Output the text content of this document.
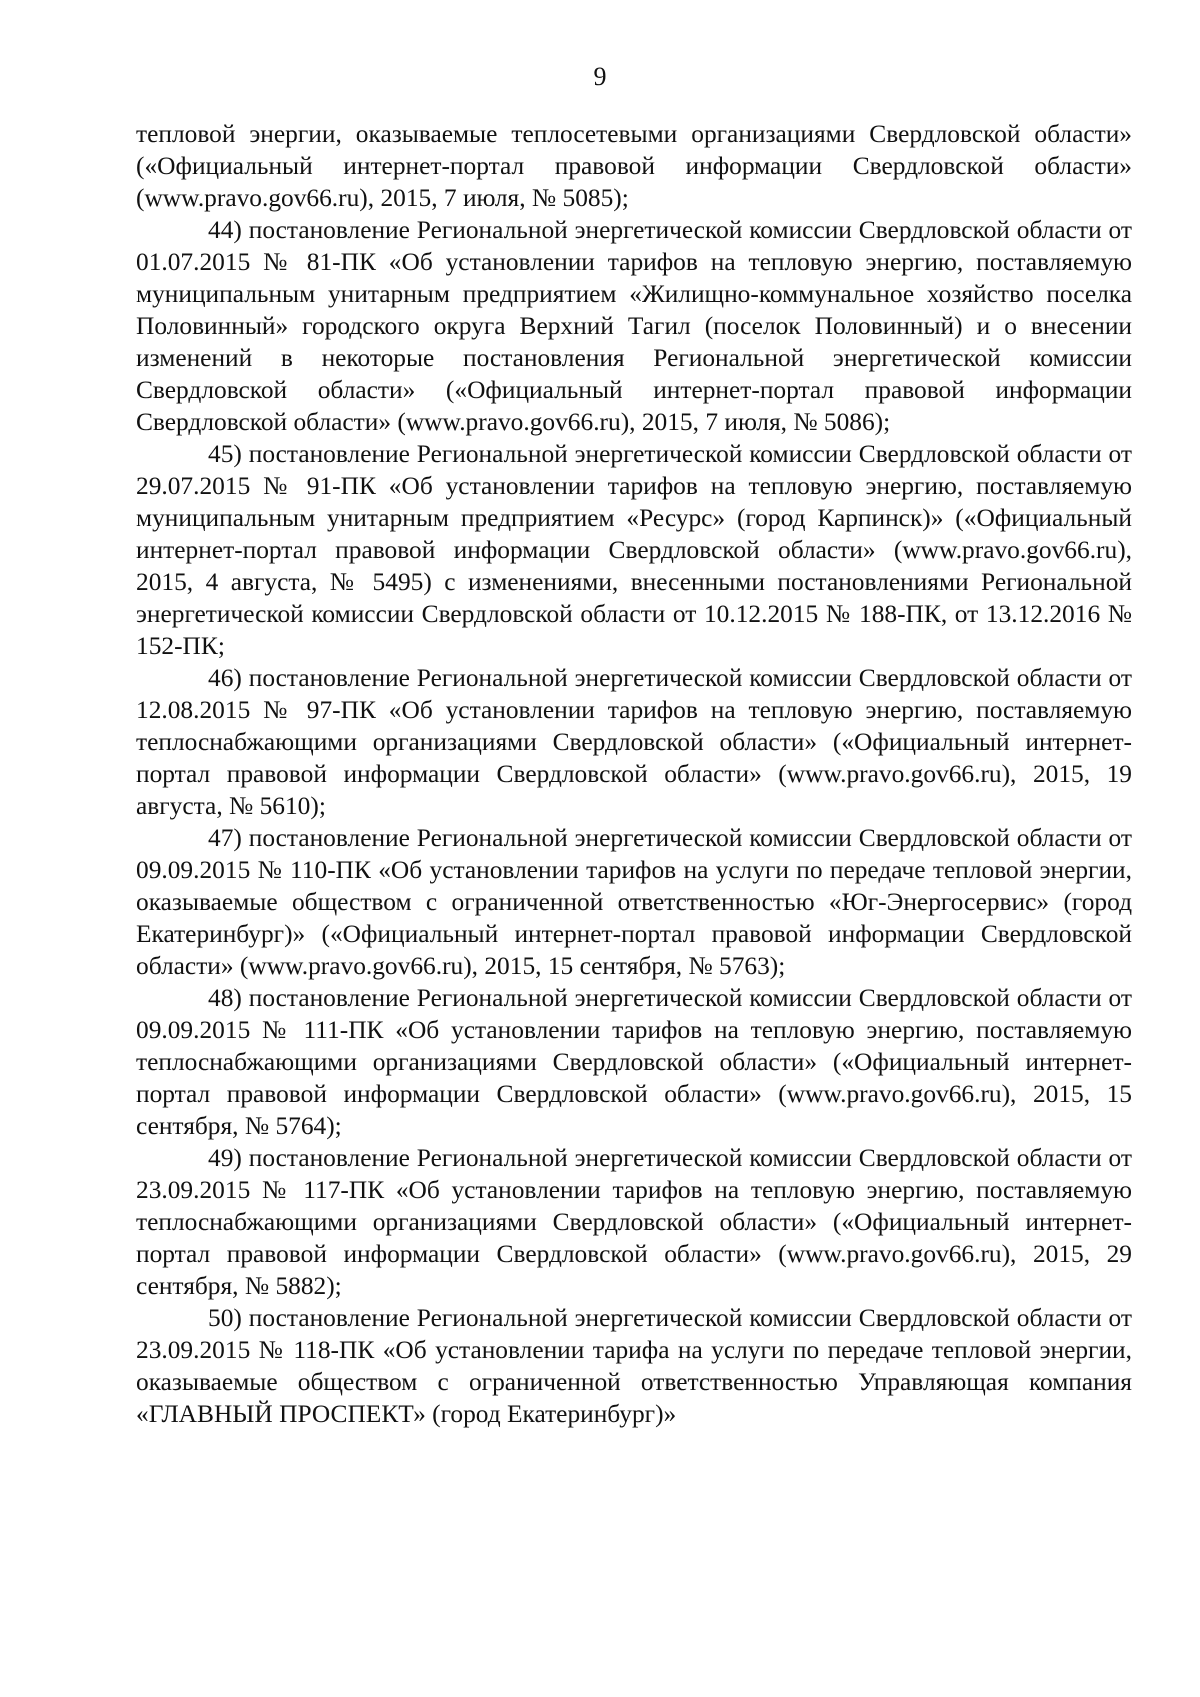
9

тепловой энергии, оказываемые теплосетевыми организациями Свердловской области» («Официальный интернет-портал правовой информации Свердловской области» (www.pravo.gov66.ru), 2015, 7 июля, № 5085);

44) постановление Региональной энергетической комиссии Свердловской области от 01.07.2015 № 81-ПК «Об установлении тарифов на тепловую энергию, поставляемую муниципальным унитарным предприятием «Жилищно-коммунальное хозяйство поселка Половинный» городского округа Верхний Тагил (поселок Половинный) и о внесении изменений в некоторые постановления Региональной энергетической комиссии Свердловской области» («Официальный интернет-портал правовой информации Свердловской области» (www.pravo.gov66.ru), 2015, 7 июля, № 5086);

45) постановление Региональной энергетической комиссии Свердловской области от 29.07.2015 № 91-ПК «Об установлении тарифов на тепловую энергию, поставляемую муниципальным унитарным предприятием «Ресурс» (город Карпинск)» («Официальный интернет-портал правовой информации Свердловской области» (www.pravo.gov66.ru), 2015, 4 августа, № 5495) с изменениями, внесенными постановлениями Региональной энергетической комиссии Свердловской области от 10.12.2015 № 188-ПК, от 13.12.2016 № 152-ПК;

46) постановление Региональной энергетической комиссии Свердловской области от 12.08.2015 № 97-ПК «Об установлении тарифов на тепловую энергию, поставляемую теплоснабжающими организациями Свердловской области» («Официальный интернет-портал правовой информации Свердловской области» (www.pravo.gov66.ru), 2015, 19 августа, № 5610);

47) постановление Региональной энергетической комиссии Свердловской области от 09.09.2015 № 110-ПК «Об установлении тарифов на услуги по передаче тепловой энергии, оказываемые обществом с ограниченной ответственностью «Юг-Энергосервис» (город Екатеринбург)» («Официальный интернет-портал правовой информации Свердловской области» (www.pravo.gov66.ru), 2015, 15 сентября, № 5763);

48) постановление Региональной энергетической комиссии Свердловской области от 09.09.2015 № 111-ПК «Об установлении тарифов на тепловую энергию, поставляемую теплоснабжающими организациями Свердловской области» («Официальный интернет-портал правовой информации Свердловской области» (www.pravo.gov66.ru), 2015, 15 сентября, № 5764);

49) постановление Региональной энергетической комиссии Свердловской области от 23.09.2015 № 117-ПК «Об установлении тарифов на тепловую энергию, поставляемую теплоснабжающими организациями Свердловской области» («Официальный интернет-портал правовой информации Свердловской области» (www.pravo.gov66.ru), 2015, 29 сентября, № 5882);

50) постановление Региональной энергетической комиссии Свердловской области от 23.09.2015 № 118-ПК «Об установлении тарифа на услуги по передаче тепловой энергии, оказываемые обществом с ограниченной ответственностью Управляющая компания «ГЛАВНЫЙ ПРОСПЕКТ» (город Екатеринбург)»
